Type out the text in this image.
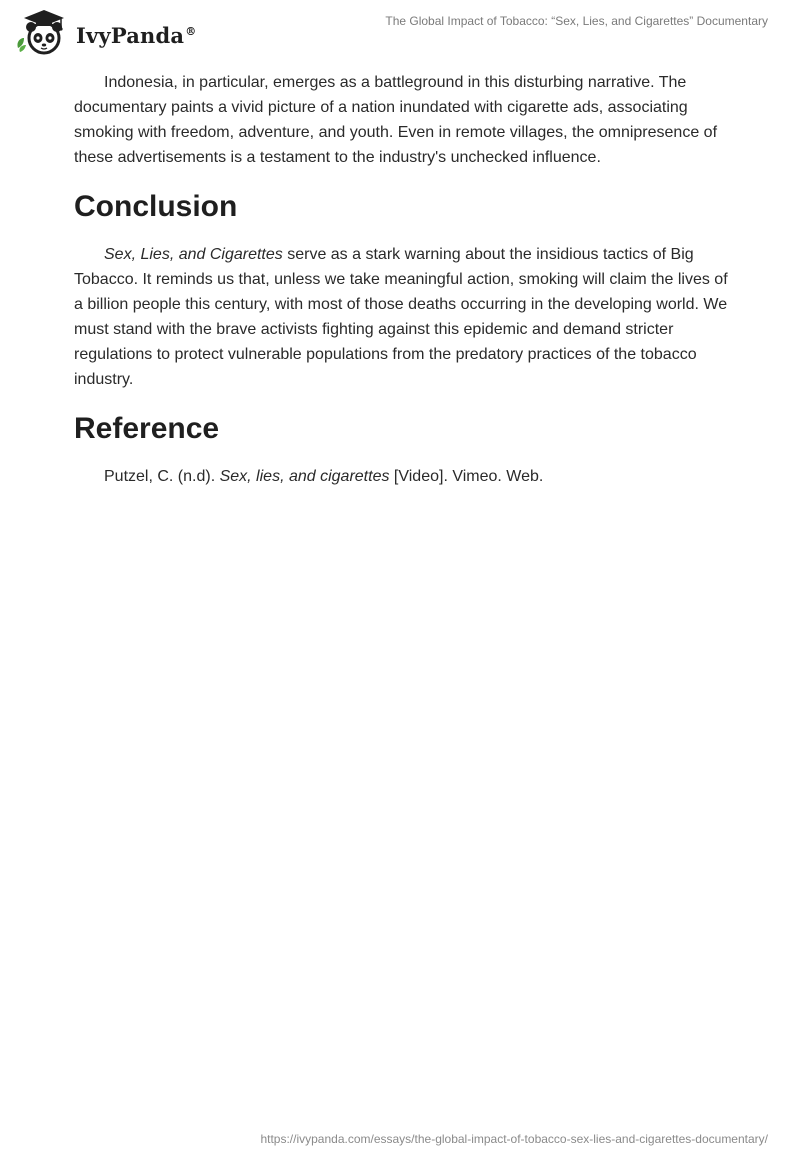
IvyPanda®
The Global Impact of Tobacco: “Sex, Lies, and Cigarettes” Documentary

Indonesia, in particular, emerges as a battleground in this disturbing narrative. The documentary paints a vivid picture of a nation inundated with cigarette ads, associating smoking with freedom, adventure, and youth. Even in remote villages, the omnipresence of these advertisements is a testament to the industry's unchecked influence.

Conclusion

Sex, Lies, and Cigarettes serve as a stark warning about the insidious tactics of Big Tobacco. It reminds us that, unless we take meaningful action, smoking will claim the lives of a billion people this century, with most of those deaths occurring in the developing world. We must stand with the brave activists fighting against this epidemic and demand stricter regulations to protect vulnerable populations from the predatory practices of the tobacco industry.

Reference

Putzel, C. (n.d). Sex, lies, and cigarettes [Video]. Vimeo. Web.

https://ivypanda.com/essays/the-global-impact-of-tobacco-sex-lies-and-cigarettes-documentary/
